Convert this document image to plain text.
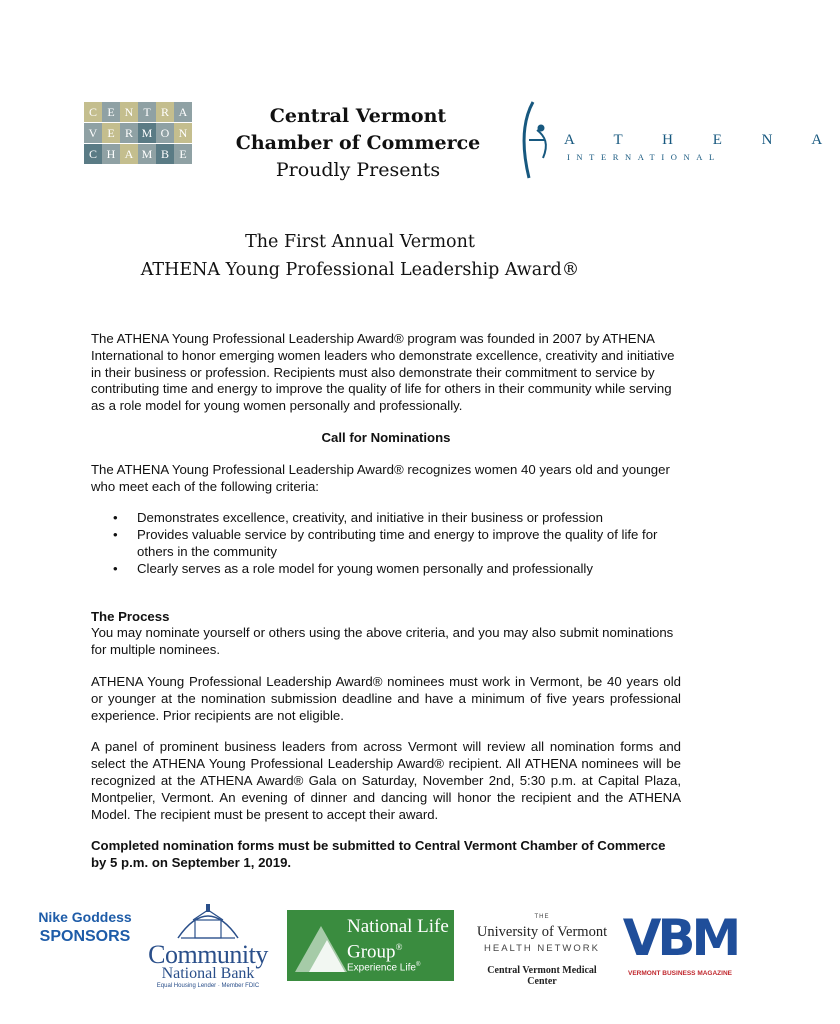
C E N T R A
V E R M O N
C H A M B E
Central Vermont
Chamber of Commerce
Proudly Presents
A T H E N A
INTERNATIONAL
The First Annual Vermont
ATHENA Young Professional Leadership Award®

The ATHENA Young Professional Leadership Award® program was founded in 2007 by ATHENA International to honor emerging women leaders who demonstrate excellence, creativity and initiative in their business or profession. Recipients must also demonstrate their commitment to service by contributing time and energy to improve the quality of life for others in their community while serving as a role model for young women personally and professionally.

Call for Nominations

The ATHENA Young Professional Leadership Award® recognizes women 40 years old and younger who meet each of the following criteria:

• Demonstrates excellence, creativity, and initiative in their business or profession
• Provides valuable service by contributing time and energy to improve the quality of life for others in the community
• Clearly serves as a role model for young women personally and professionally

The Process

You may nominate yourself or others using the above criteria, and you may also submit nominations for multiple nominees.

ATHENA Young Professional Leadership Award® nominees must work in Vermont, be 40 years old or younger at the nomination submission deadline and have a minimum of five years professional experience. Prior recipients are not eligible.

A panel of prominent business leaders from across Vermont will review all nomination forms and select the ATHENA Young Professional Leadership Award® recipient. All ATHENA nominees will be recognized at the ATHENA Award® Gala on Saturday, November 2nd, 5:30 p.m. at Capital Plaza, Montpelier, Vermont. An evening of dinner and dancing will honor the recipient and the ATHENA Model. The recipient must be present to accept their award.

Completed nomination forms must be submitted to Central Vermont Chamber of Commerce by 5 p.m. on September 1, 2019.

Nike Goddess
SPONSORS
Community
National Bank
Equal Housing Lender · Member FDIC
National Life
Group®
Experience Life®
THE
University of Vermont
HEALTH NETWORK
Central Vermont Medical Center
VBM
VERMONT BUSINESS MAGAZINE
